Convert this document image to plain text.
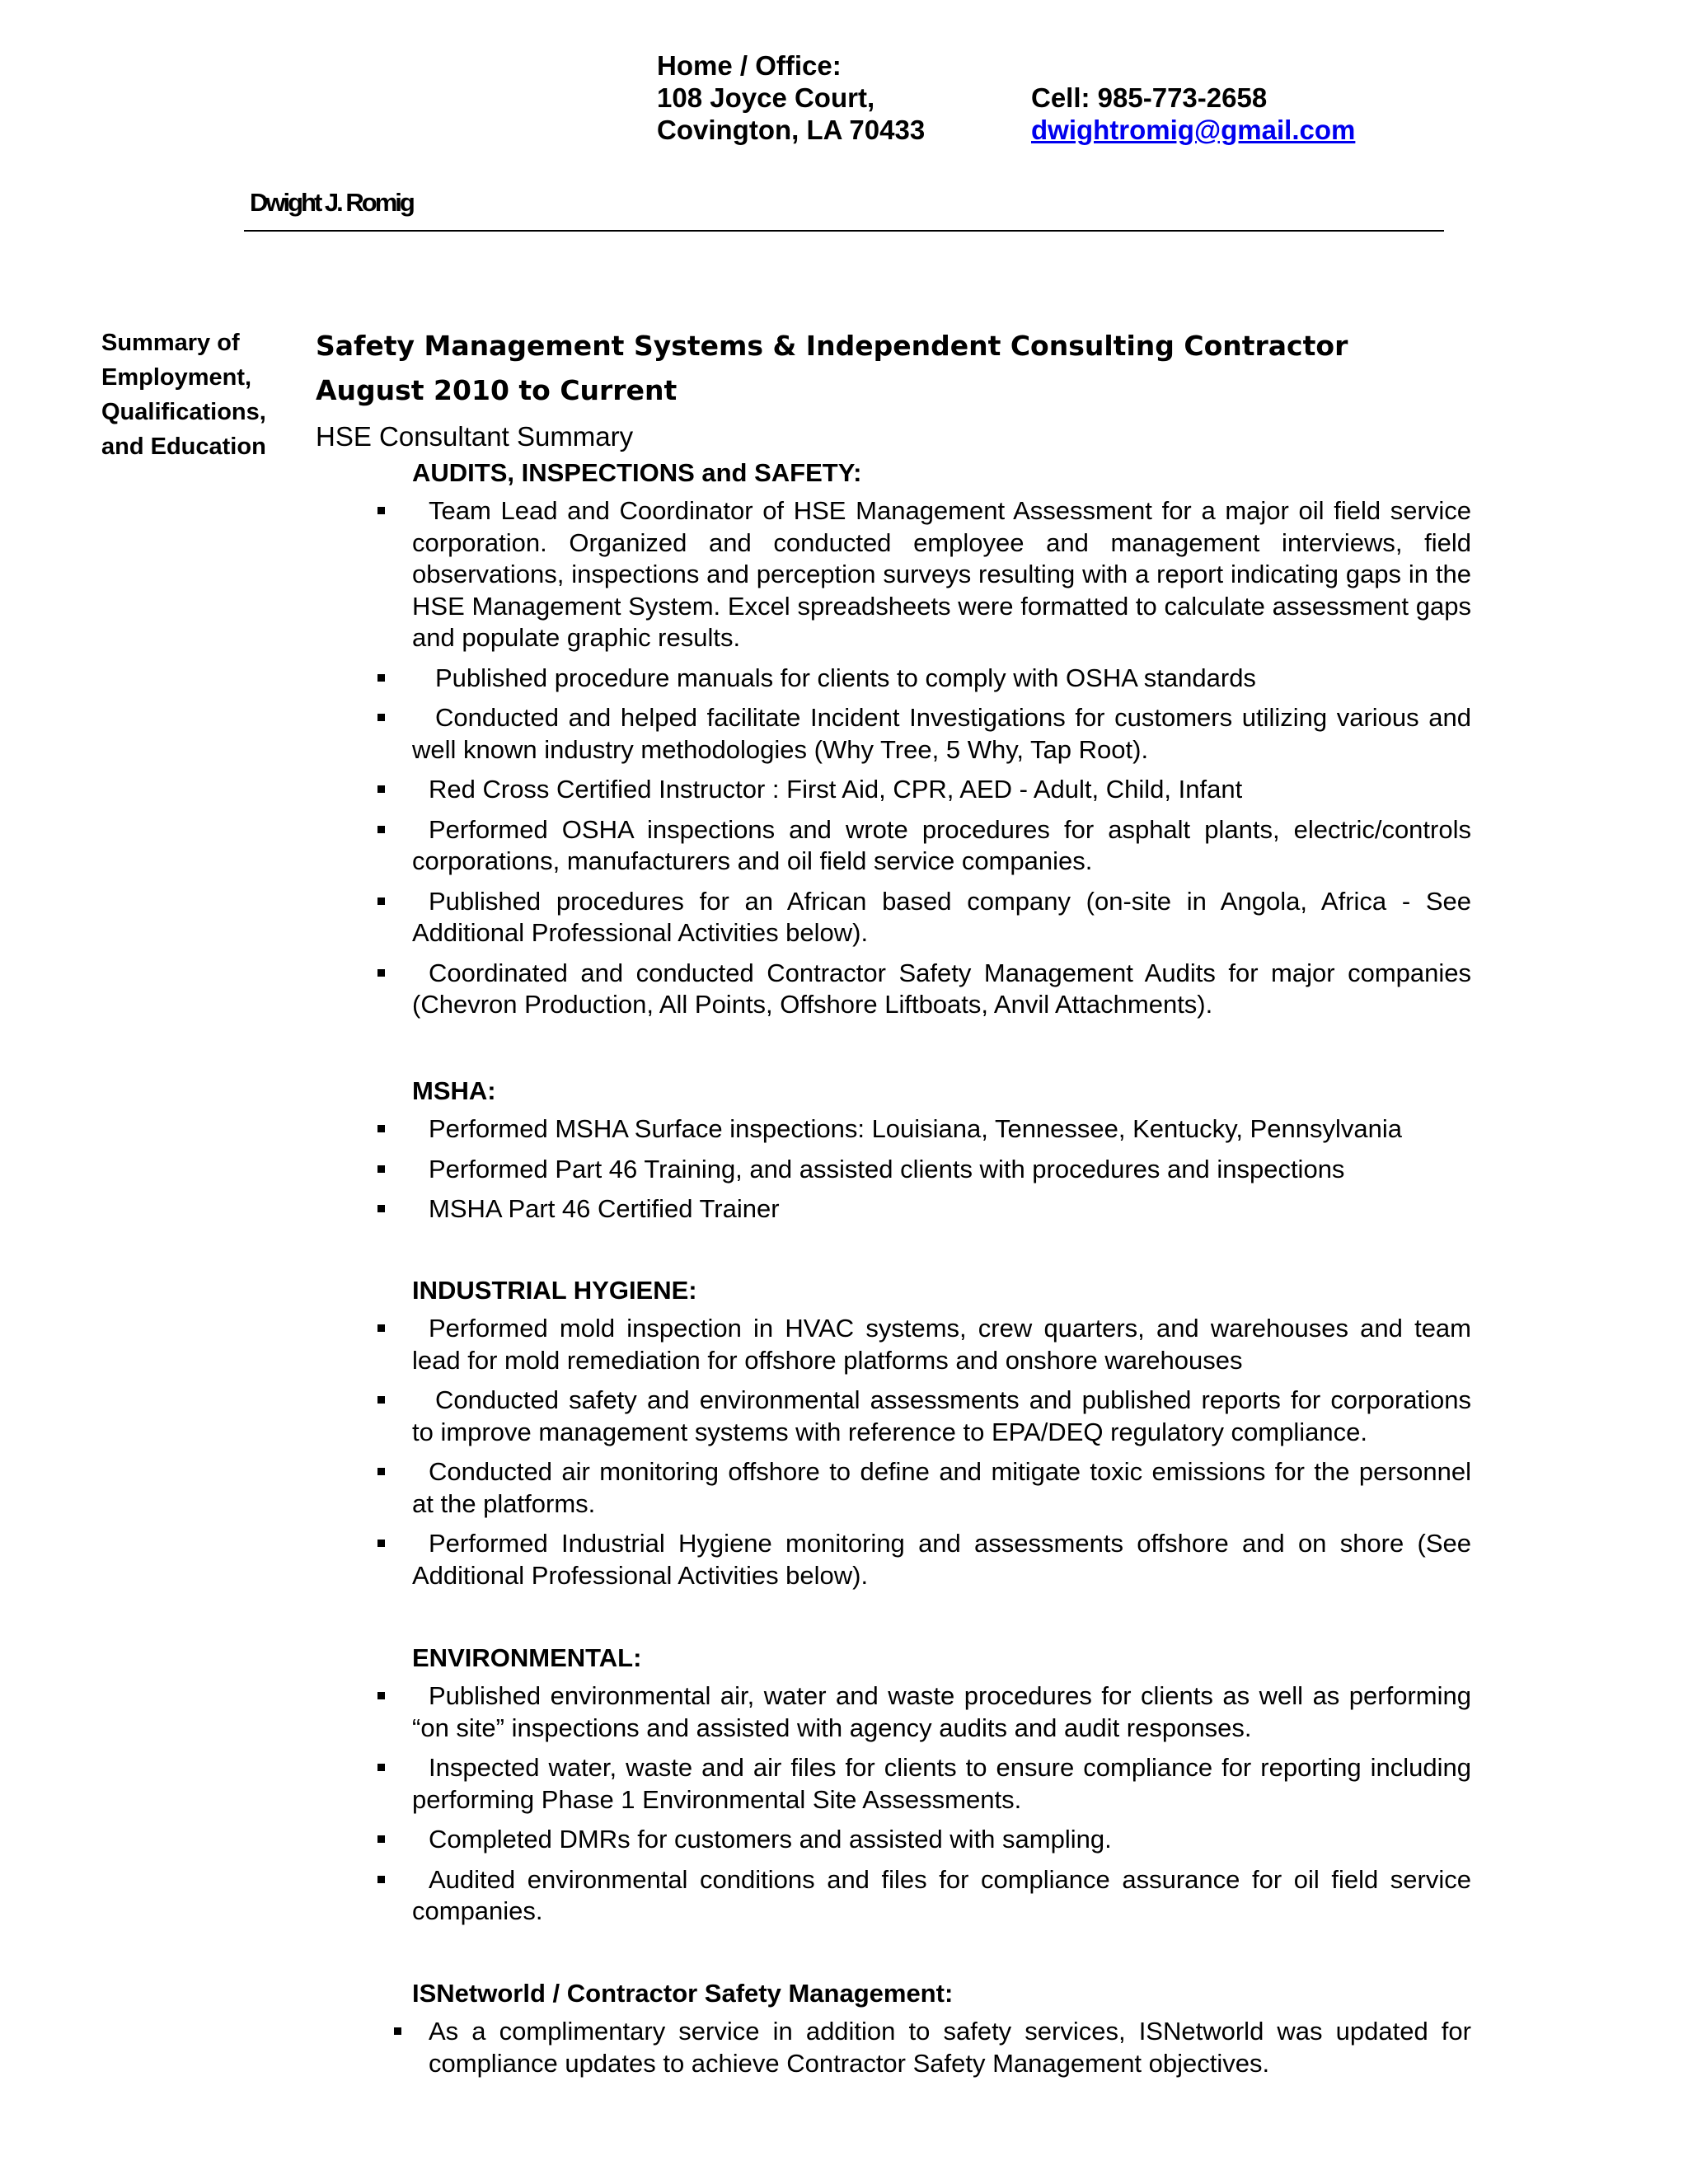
Home / Office:
108 Joyce Court,
Covington, LA 70433
Cell: 985-773-2658
dwightromig@gmail.com
Dwight J. Romig
Summary of
Employment,
Qualifications,
and Education
Safety Management Systems & Independent Consulting Contractor
August 2010 to Current
HSE Consultant Summary
AUDITS, INSPECTIONS and SAFETY:
Team Lead and Coordinator of HSE Management Assessment for a major oil field service corporation. Organized and conducted employee and management interviews, field observations, inspections and perception surveys resulting with a report indicating gaps in the HSE Management System. Excel spreadsheets were formatted to calculate assessment gaps and populate graphic results.
Published procedure manuals for clients to comply with OSHA standards
Conducted and helped facilitate Incident Investigations for customers utilizing various and well known industry methodologies (Why Tree, 5 Why, Tap Root).
Red Cross Certified Instructor : First Aid, CPR, AED - Adult, Child, Infant
Performed OSHA inspections and wrote procedures for asphalt plants, electric/controls corporations, manufacturers and oil field service companies.
Published procedures for an African based company (on-site in Angola, Africa - See Additional Professional Activities below).
Coordinated and conducted Contractor Safety Management Audits for major companies (Chevron Production, All Points, Offshore Liftboats, Anvil Attachments).
MSHA:
Performed MSHA Surface inspections: Louisiana, Tennessee, Kentucky, Pennsylvania
Performed Part 46 Training, and assisted clients with procedures and inspections
MSHA Part 46 Certified Trainer
INDUSTRIAL HYGIENE:
Performed mold inspection in HVAC systems, crew quarters, and warehouses and team lead for mold remediation for offshore platforms and onshore warehouses
Conducted safety and environmental assessments and published reports for corporations to improve management systems with reference to EPA/DEQ regulatory compliance.
Conducted air monitoring offshore to define and mitigate toxic emissions for the personnel at the platforms.
Performed Industrial Hygiene monitoring and assessments offshore and on shore (See Additional Professional Activities below).
ENVIRONMENTAL:
Published environmental air, water and waste procedures for clients as well as performing “on site” inspections and assisted with agency audits and audit responses.
Inspected water, waste and air files for clients to ensure compliance for reporting including performing Phase 1 Environmental Site Assessments.
Completed DMRs for customers and assisted with sampling.
Audited environmental conditions and files for compliance assurance for oil field service companies.
ISNetworld / Contractor Safety Management:
As a complimentary service in addition to safety services, ISNetworld was updated for compliance updates to achieve Contractor Safety Management objectives.
